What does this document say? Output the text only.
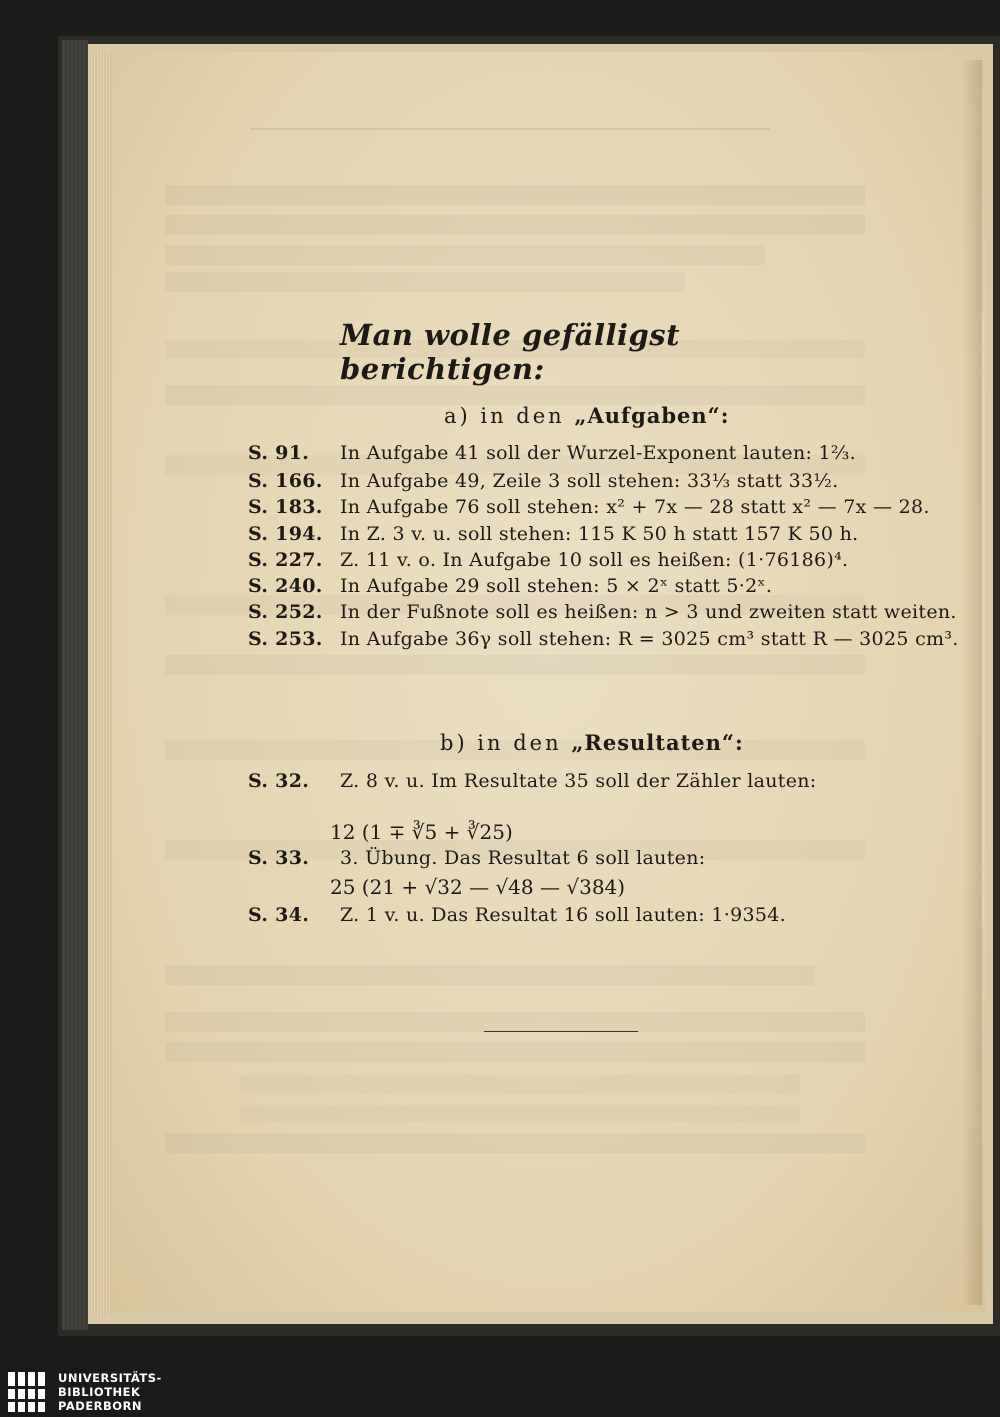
Man wolle gefälligst berichtigen:
a) in den „Aufgaben“:
S. 91. In Aufgabe 41 soll der Wurzel-Exponent lauten: 1⅔.
S. 166. In Aufgabe 49, Zeile 3 soll stehen: 33⅓ statt 33½.
S. 183. In Aufgabe 76 soll stehen: x² + 7x — 28 statt x² — 7x — 28.
S. 194. In Z. 3 v. u. soll stehen: 115 K 50 h statt 157 K 50 h.
S. 227. Z. 11 v. o. In Aufgabe 10 soll es heißen: (1·76186)⁴.
S. 240. In Aufgabe 29 soll stehen: 5 × 2ˣ statt 5·2ˣ.
S. 252. In der Fußnote soll es heißen: n > 3 und zweiten statt weiten.
S. 253. In Aufgabe 36γ soll stehen: R = 3025 cm³ statt R — 3025 cm³.
b) in den „Resultaten“:
S. 32. Z. 8 v. u. Im Resultate 35 soll der Zähler lauten:
12 (1 ∓ ∛5 + ∛25)
S. 33. 3. Übung. Das Resultat 6 soll lauten:
25 (21 + √32 — √48 — √384)
S. 34. Z. 1 v. u. Das Resultat 16 soll lauten: 1·9354.
UNIVERSITÄTS-
BIBLIOTHEK
PADERBORN
